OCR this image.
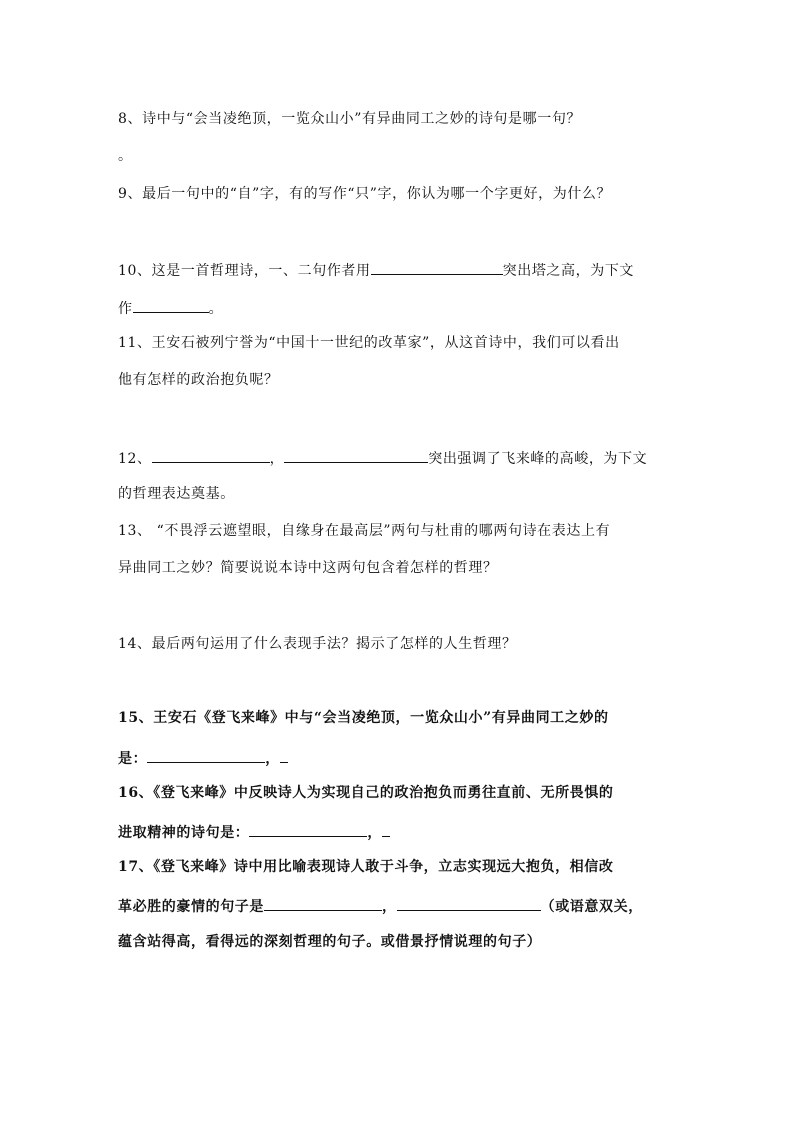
8、诗中与“会当凌绝顶，一览众山小”有异曲同工之妙的诗句是哪一句？
。
9、最后一句中的“自”字，有的写作“只”字，你认为哪一个字更好，为什么？
10、这是一首哲理诗，一、二句作者用	突出塔之高，为下文
作	。
11、王安石被列宁誉为“中国十一世纪的改革家”，从这首诗中，我们可以看出
他有怎样的政治抱负呢？
12、	，	突出强调了飞来峰的高峻，为下文
的哲理表达奠基。
13、 “不畏浮云遮望眼，自缘身在最高层”两句与杜甫的哪两句诗在表达上有
异曲同工之妙？简要说说本诗中这两句包含着怎样的哲理？
14、最后两句运用了什么表现手法？揭示了怎样的人生哲理？
15、王安石《登飞来峰》中与“会当凌绝顶，一览众山小”有异曲同工之妙的
是：	，
16、《登飞来峰》中反映诗人为实现自己的政治抱负而勇往直前、无所畏惧的
进取精神的诗句是：	，
17、《登飞来峰》诗中用比喻表现诗人敢于斗争，立志实现远大抱负，相信改
革必胜的豪情的句子是	，	（或语意双关，
蕴含站得高，看得远的深刻哲理的句子。或借景抒情说理的句子）
